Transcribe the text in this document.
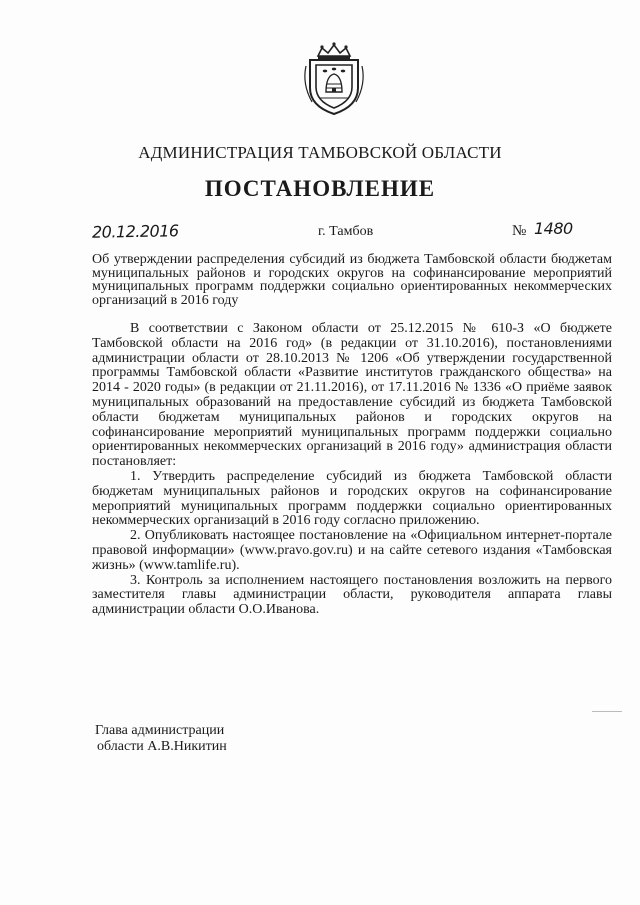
АДМИНИСТРАЦИЯ ТАМБОВСКОЙ ОБЛАСТИ
ПОСТАНОВЛЕНИЕ
20.12.2016	г. Тамбов	№ 1480
Об утверждении распределения субсидий из бюджета Тамбовской области бюджетам муниципальных районов и городских округов на софинансирование мероприятий муниципальных программ поддержки социально ориентированных некоммерческих организаций в 2016 году

В соответствии с Законом области от 25.12.2015 № 610-З «О бюджете Тамбовской области на 2016 год» (в редакции от 31.10.2016), постановлениями администрации области от 28.10.2013 № 1206 «Об утверждении государственной программы Тамбовской области «Развитие институтов гражданского общества» на 2014 - 2020 годы» (в редакции от 21.11.2016), от 17.11.2016 № 1336 «О приёме заявок муниципальных образований на предоставление субсидий из бюджета Тамбовской области бюджетам муниципальных районов и городских округов на софинансирование мероприятий муниципальных программ поддержки социально ориентированных некоммерческих организаций в 2016 году» администрация области постановляет:

1. Утвердить распределение субсидий из бюджета Тамбовской области бюджетам муниципальных районов и городских округов на софинансирование мероприятий муниципальных программ поддержки социально ориентированных некоммерческих организаций в 2016 году согласно приложению.

2. Опубликовать настоящее постановление на «Официальном интернет-портале правовой информации» (www.pravo.gov.ru) и на сайте сетевого издания «Тамбовская жизнь» (www.tamlife.ru).

3. Контроль за исполнением настоящего постановления возложить на первого заместителя главы администрации области, руководителя аппарата главы администрации области О.О.Иванова.

Глава администрации
области А.В.Никитин
